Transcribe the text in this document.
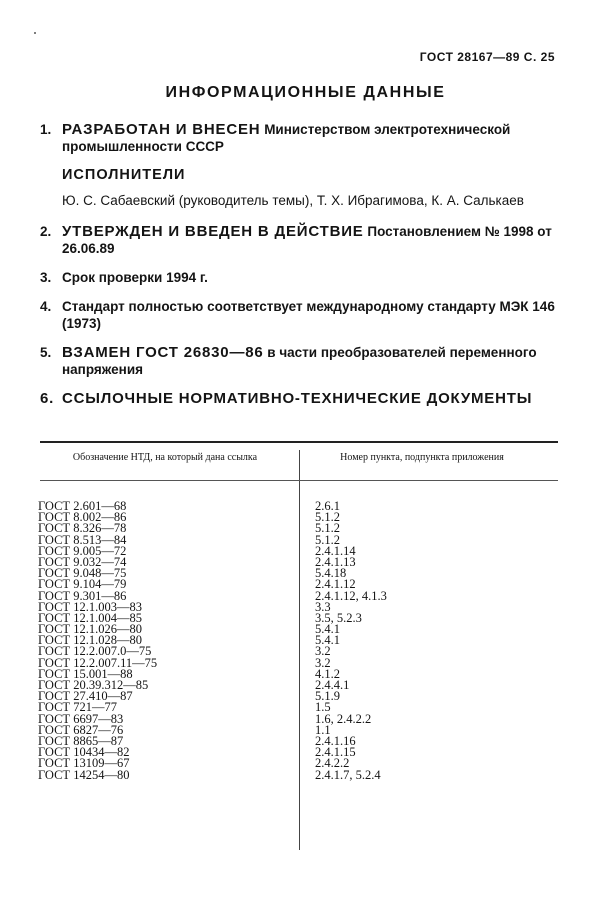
ГОСТ 28167—89 С. 25
ИНФОРМАЦИОННЫЕ ДАННЫЕ
1. РАЗРАБОТАН И ВНЕСЕН Министерством электротехнической промышленности СССР
ИСПОЛНИТЕЛИ
Ю. С. Сабаевский (руководитель темы), Т. Х. Ибрагимова, К. А. Салькаев
2. УТВЕРЖДЕН И ВВЕДЕН В ДЕЙСТВИЕ Постановлением № 1998 от 26.06.89
3. Срок проверки 1994 г.
4. Стандарт полностью соответствует международному стандарту МЭК 146 (1973)
5. ВЗАМЕН ГОСТ 26830—86 в части преобразователей переменного напряжения
6. ССЫЛОЧНЫЕ НОРМАТИВНО-ТЕХНИЧЕСКИЕ ДОКУМЕНТЫ
Обозначение НТД, на который дана ссылка	Номер пункта, подпункта приложения
ГОСТ 2.601—68	2.6.1
ГОСТ 8.002—86	5.1.2
ГОСТ 8.326—78	5.1.2
ГОСТ 8.513—84	5.1.2
ГОСТ 9.005—72	2.4.1.14
ГОСТ 9.032—74	2.4.1.13
ГОСТ 9.048—75	5.4.18
ГОСТ 9.104—79	2.4.1.12
ГОСТ 9.301—86	2.4.1.12, 4.1.3
ГОСТ 12.1.003—83	3.3
ГОСТ 12.1.004—85	3.5, 5.2.3
ГОСТ 12.1.026—80	5.4.1
ГОСТ 12.1.028—80	5.4.1
ГОСТ 12.2.007.0—75	3.2
ГОСТ 12.2.007.11—75	3.2
ГОСТ 15.001—88	4.1.2
ГОСТ 20.39.312—85	2.4.4.1
ГОСТ 27.410—87	5.1.9
ГОСТ 721—77	1.5
ГОСТ 6697—83	1.6, 2.4.2.2
ГОСТ 6827—76	1.1
ГОСТ 8865—87	2.4.1.16
ГОСТ 10434—82	2.4.1.15
ГОСТ 13109—67	2.4.2.2
ГОСТ 14254—80	2.4.1.7, 5.2.4
